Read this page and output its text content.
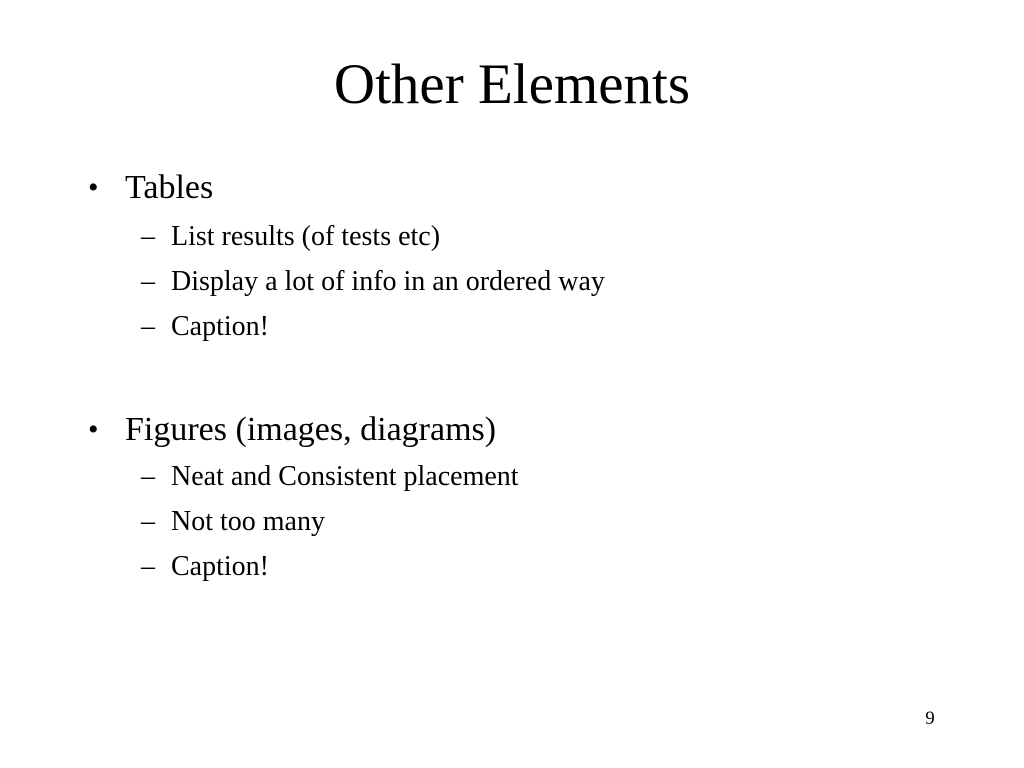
Other Elements
• Tables
– List results (of tests etc)
– Display a lot of info in an ordered way
– Caption!
• Figures (images, diagrams)
– Neat and Consistent placement
– Not too many
– Caption!
9
